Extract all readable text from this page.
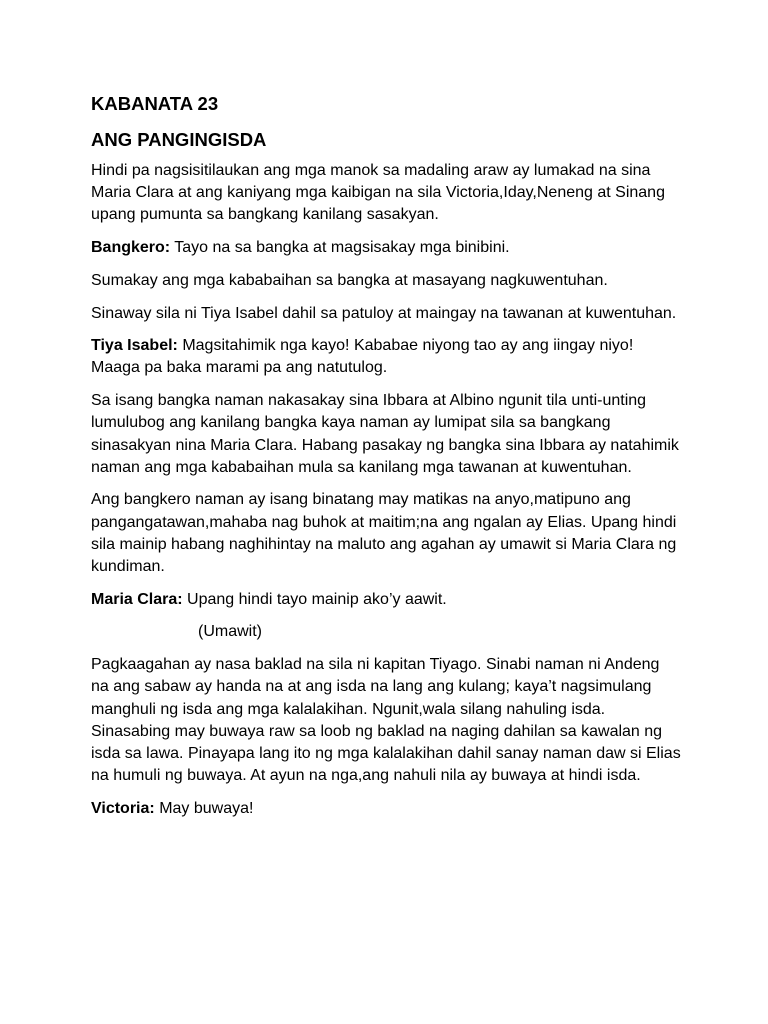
KABANATA 23
ANG PANGINGISDA

Hindi pa nagsisitilaukan ang mga manok sa madaling araw ay lumakad na sina Maria Clara at ang kaniyang mga kaibigan na sila Victoria,Iday,Neneng at Sinang upang pumunta sa bangkang kanilang sasakyan.

Bangkero: Tayo na sa bangka at magsisakay mga binibini.

Sumakay ang mga kababaihan sa bangka at masayang nagkuwentuhan.

Sinaway sila ni Tiya Isabel dahil sa patuloy at maingay na tawanan at kuwentuhan.

Tiya Isabel: Magsitahimik nga kayo! Kababae niyong tao ay ang iingay niyo! Maaga pa baka marami pa ang natutulog.

Sa isang bangka naman nakasakay sina Ibbara at Albino ngunit tila unti-unting lumulubog ang kanilang bangka kaya naman ay lumipat sila sa bangkang sinasakyan nina Maria Clara. Habang pasakay ng bangka sina Ibbara ay natahimik naman ang mga kababaihan mula sa kanilang mga tawanan at kuwentuhan.

Ang bangkero naman ay isang binatang may matikas na anyo,matipuno ang pangangatawan,mahaba nag buhok at maitim;na ang ngalan ay Elias. Upang hindi sila mainip habang naghihintay na maluto ang agahan ay umawit si Maria Clara ng kundiman.

Maria Clara: Upang hindi tayo mainip ako’y aawit.

(Umawit)

Pagkaagahan ay nasa baklad na sila ni kapitan Tiyago. Sinabi naman ni Andeng na ang sabaw ay handa na at ang isda na lang ang kulang; kaya’t nagsimulang manghuli ng isda ang mga kalalakihan. Ngunit,wala silang nahuling isda. Sinasabing may buwaya raw sa loob ng baklad na naging dahilan sa kawalan ng isda sa lawa. Pinayapa lang ito ng mga kalalakihan dahil sanay naman daw si Elias na humuli ng buwaya. At ayun na nga,ang nahuli nila ay buwaya at hindi isda.

Victoria: May buwaya!
